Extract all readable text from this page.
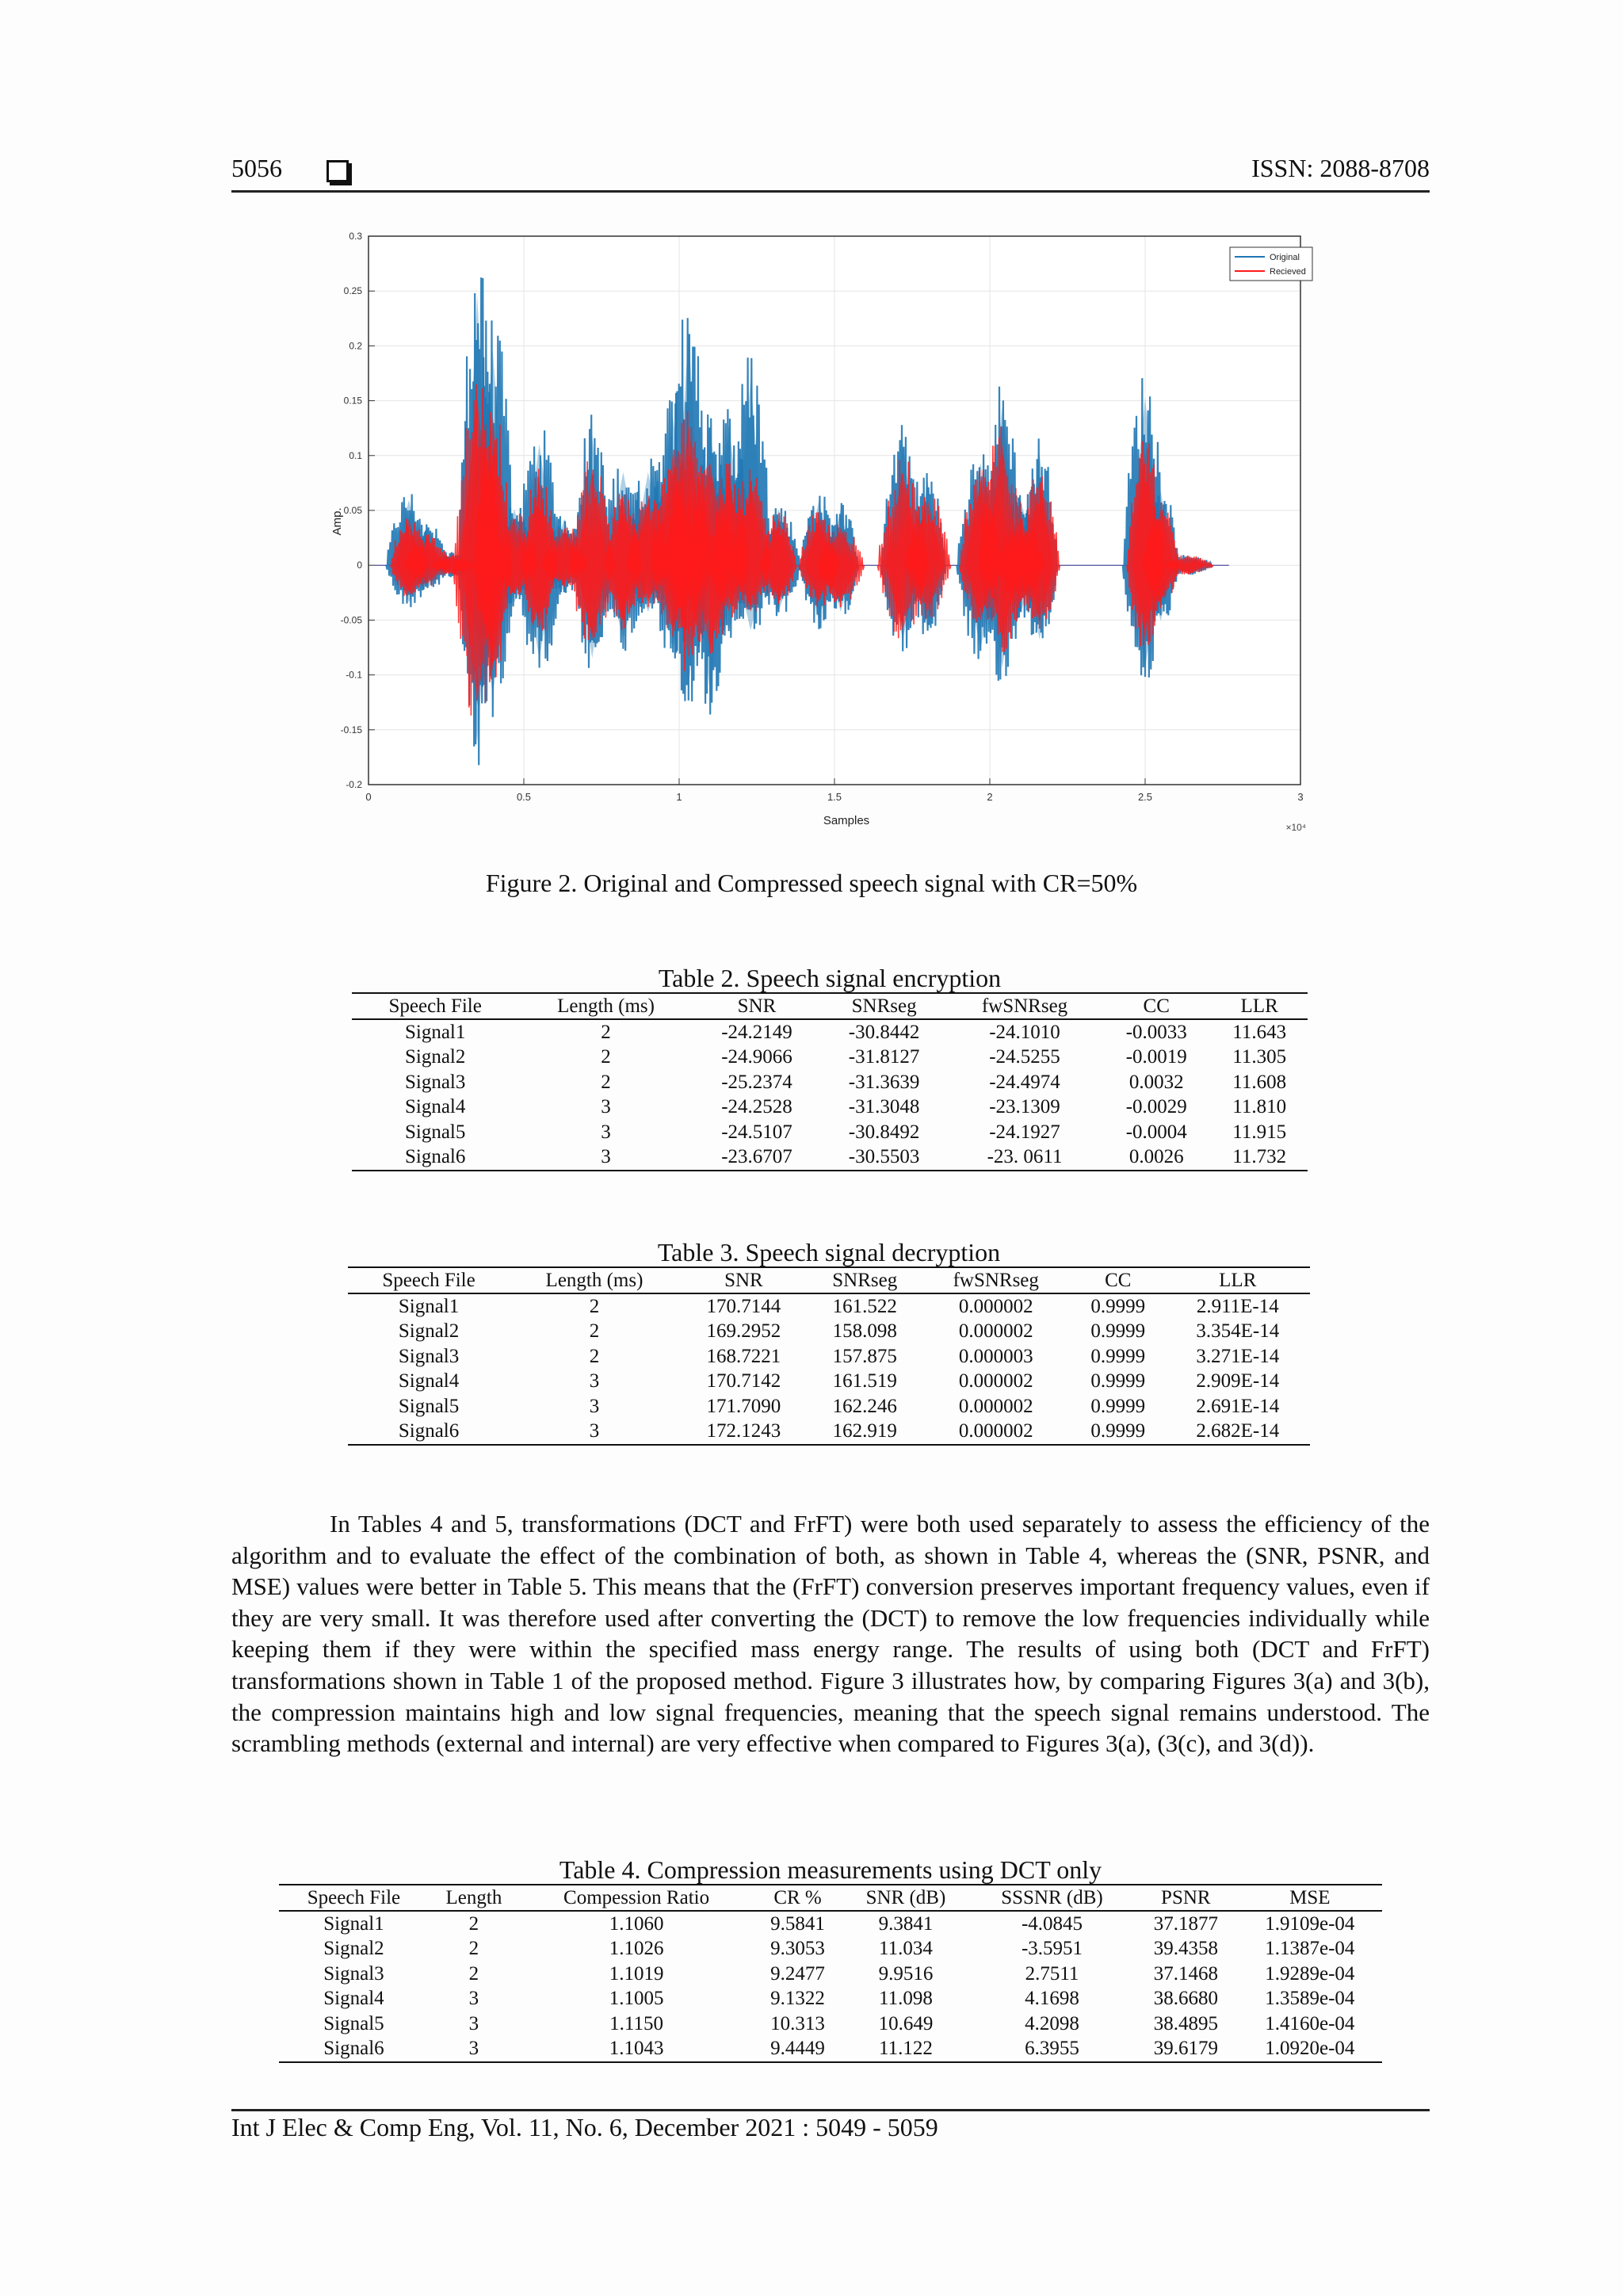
5056	ISSN: 2088-8708
0	0.5	1	1.5	2	2.5	3
-0.2
-0.15
-0.1
-0.05
0
0.05
0.1
0.15
0.2
0.25
0.3
Original
Recieved
Samples
Amp.
×10⁴
Figure 2. Original and Compressed speech signal with CR=50%
Table 2. Speech signal encryption
Speech File	Length (ms)	SNR	SNRseg	fwSNRseg	CC	LLR
Signal1	2	-24.2149	-30.8442	-24.1010	-0.0033	11.643
Signal2	2	-24.9066	-31.8127	-24.5255	-0.0019	11.305
Signal3	2	-25.2374	-31.3639	-24.4974	0.0032	11.608
Signal4	3	-24.2528	-31.3048	-23.1309	-0.0029	11.810
Signal5	3	-24.5107	-30.8492	-24.1927	-0.0004	11.915
Signal6	3	-23.6707	-30.5503	-23. 0611	0.0026	11.732
Table 3. Speech signal decryption
Speech File	Length (ms)	SNR	SNRseg	fwSNRseg	CC	LLR
Signal1	2	170.7144	161.522	0.000002	0.9999	2.911E-14
Signal2	2	169.2952	158.098	0.000002	0.9999	3.354E-14
Signal3	2	168.7221	157.875	0.000003	0.9999	3.271E-14
Signal4	3	170.7142	161.519	0.000002	0.9999	2.909E-14
Signal5	3	171.7090	162.246	0.000002	0.9999	2.691E-14
Signal6	3	172.1243	162.919	0.000002	0.9999	2.682E-14

In Tables 4 and 5, transformations (DCT and FrFT) were both used separately to assess the efficiency of the algorithm and to evaluate the effect of the combination of both, as shown in Table 4, whereas the (SNR, PSNR, and MSE) values were better in Table 5. This means that the (FrFT) conversion preserves important frequency values, even if they are very small. It was therefore used after converting the (DCT) to remove the low frequencies individually while keeping them if they were within the specified mass energy range. The results of using both (DCT and FrFT) transformations shown in Table 1 of the proposed method. Figure 3 illustrates how, by comparing Figures 3(a) and 3(b), the compression maintains high and low signal frequencies, meaning that the speech signal remains understood. The scrambling methods (external and internal) are very effective when compared to Figures 3(a), (3(c), and 3(d)).

Table 4. Compression measurements using DCT only
Speech File	Length	Compession Ratio	CR %	SNR (dB)	SSSNR (dB)	PSNR	MSE
Signal1	2	1.1060	9.5841	9.3841	-4.0845	37.1877	1.9109e-04
Signal2	2	1.1026	9.3053	11.034	-3.5951	39.4358	1.1387e-04
Signal3	2	1.1019	9.2477	9.9516	2.7511	37.1468	1.9289e-04
Signal4	3	1.1005	9.1322	11.098	4.1698	38.6680	1.3589e-04
Signal5	3	1.1150	10.313	10.649	4.2098	38.4895	1.4160e-04
Signal6	3	1.1043	9.4449	11.122	6.3955	39.6179	1.0920e-04
Int J Elec & Comp Eng, Vol. 11, No. 6, December 2021 : 5049 - 5059
